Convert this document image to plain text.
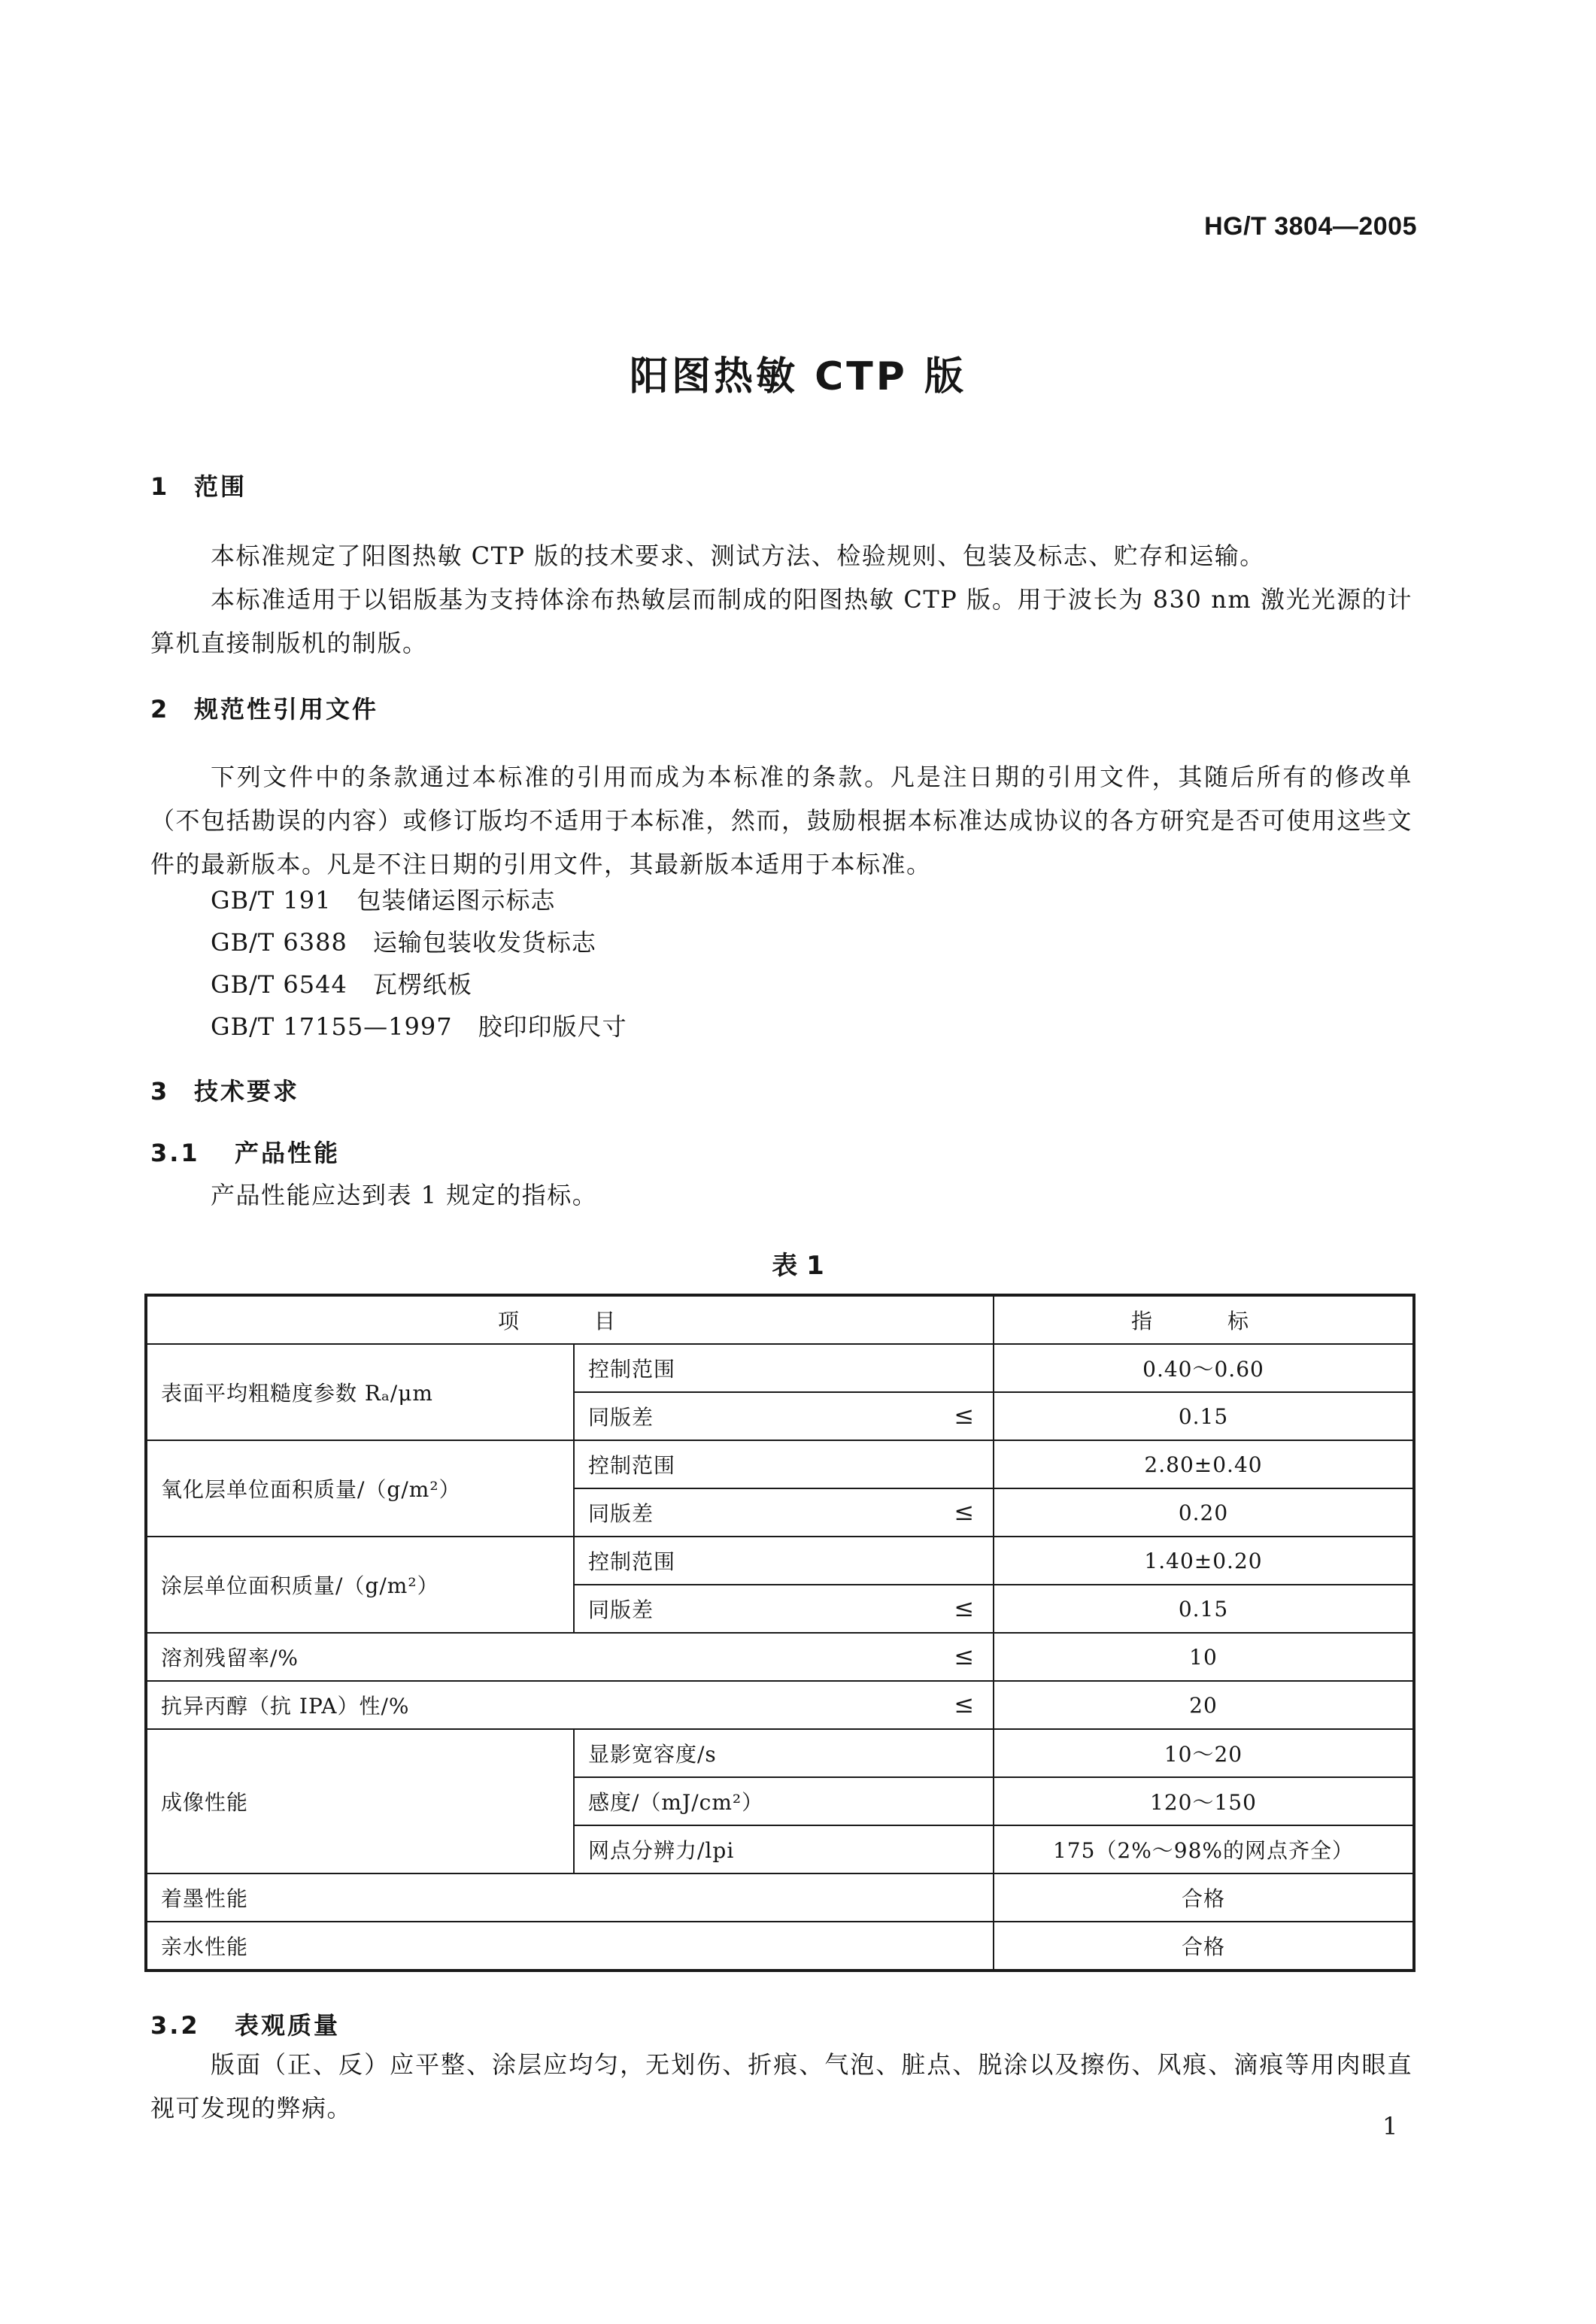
HG/T 3804—2005
阳图热敏 CTP 版
1 范围
本标准规定了阳图热敏 CTP 版的技术要求、测试方法、检验规则、包装及标志、贮存和运输。
本标准适用于以铝版基为支持体涂布热敏层而制成的阳图热敏 CTP 版。用于波长为 830 nm 激光光源的计算机直接制版机的制版。
2 规范性引用文件
下列文件中的条款通过本标准的引用而成为本标准的条款。凡是注日期的引用文件，其随后所有的修改单（不包括勘误的内容）或修订版均不适用于本标准，然而，鼓励根据本标准达成协议的各方研究是否可使用这些文件的最新版本。凡是不注日期的引用文件，其最新版本适用于本标准。
GB/T 191 包装储运图示标志
GB/T 6388 运输包装收发货标志
GB/T 6544 瓦楞纸板
GB/T 17155—1997 胶印印版尺寸
3 技术要求
3.1 产品性能
产品性能应达到表 1 规定的指标。
表 1
项　目		指　标
表面平均粗糙度参数 Rₐ/μm	控制范围	0.40～0.60
	同版差 ≤	0.15
氧化层单位面积质量/（g/m²）	控制范围	2.80±0.40
	同版差 ≤	0.20
涂层单位面积质量/（g/m²）	控制范围	1.40±0.20
	同版差 ≤	0.15
溶剂残留率/% ≤		10
抗异丙醇（抗 IPA）性/% ≤		20
成像性能	显影宽容度/s	10～20
	感度/（mJ/cm²）	120～150
	网点分辨力/lpi	175（2%～98%的网点齐全）
着墨性能		合格
亲水性能		合格
3.2 表观质量
版面（正、反）应平整、涂层应均匀，无划伤、折痕、气泡、脏点、脱涂以及擦伤、风痕、滴痕等用肉眼直视可发现的弊病。
1
